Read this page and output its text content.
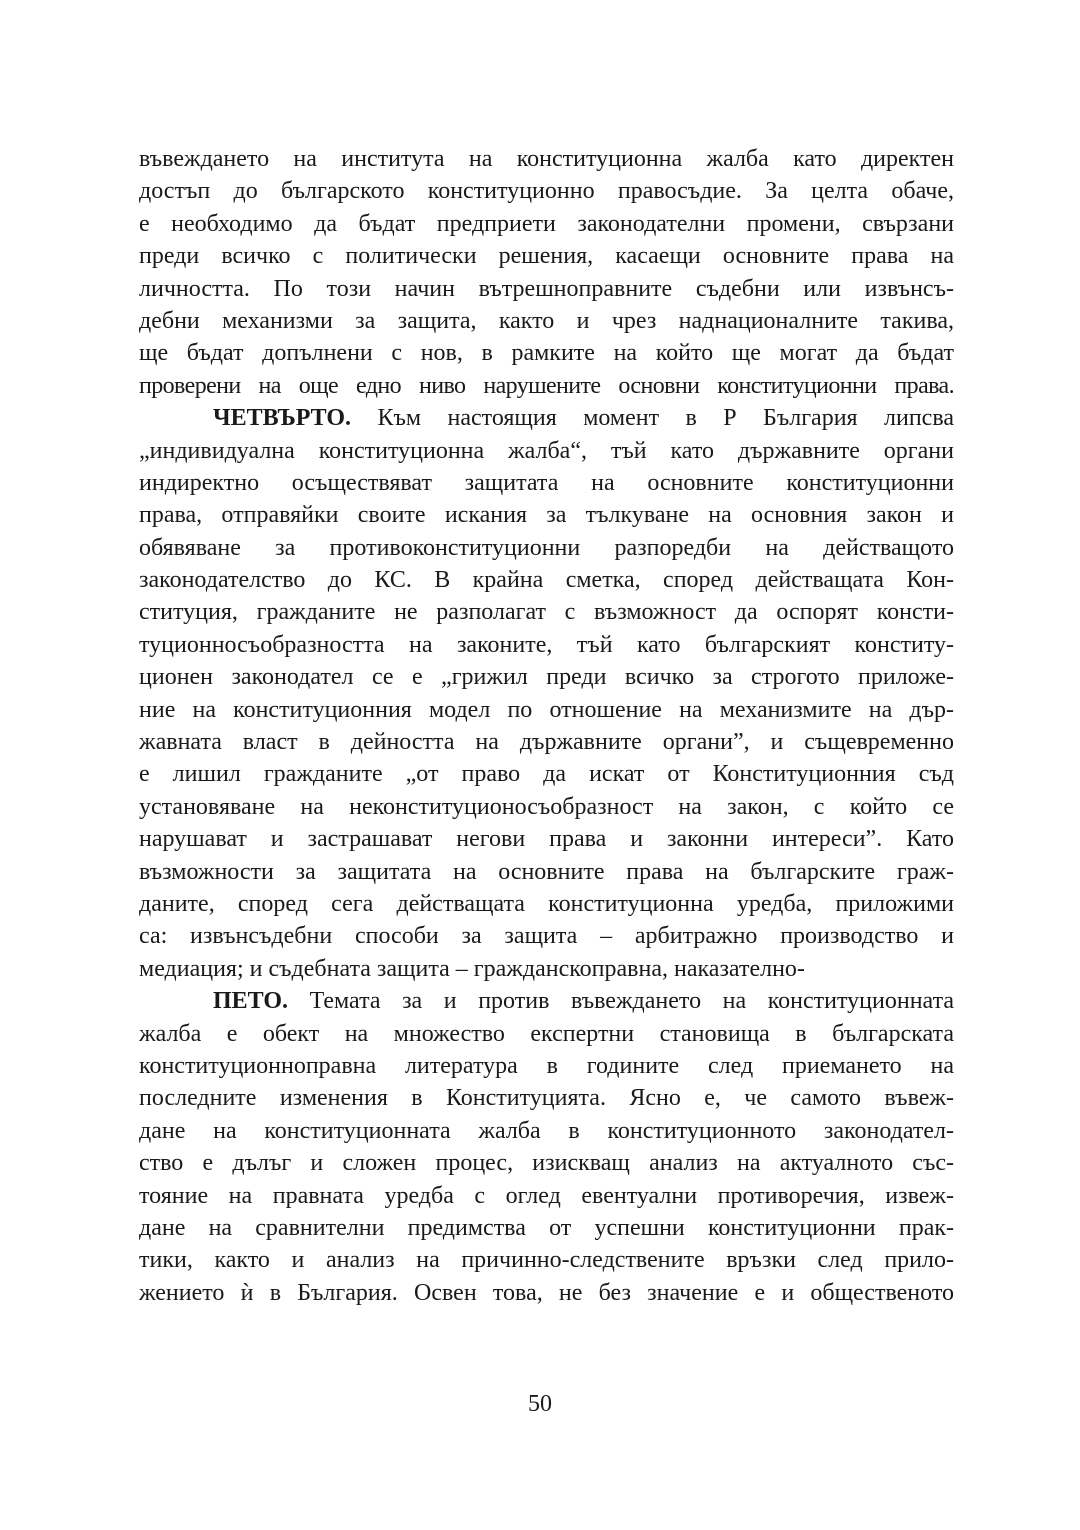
въвеждането на института на конституционна жалба като директен
достъп до българското конституционно правосъдие. За целта обаче,
е необходимо да бъдат предприети законодателни промени, свързани
преди всичко с политически решения, касаещи основните права на
личността. По този начин вътрешноправните съдебни или извънсъ-
дебни механизми за защита, както и чрез наднационалните такива,
ще бъдат допълнени с нов, в рамките на който ще могат да бъдат
проверени на още едно ниво нарушените основни конституционни права.
ЧЕТВЪРТО. Към настоящия момент в Р България липсва
„индивидуална конституционна жалба“, тъй като държавните органи
индиректно осъществяват защитата на основните конституционни
права, отправяйки своите искания за тълкуване на основния закон и
обявяване за противоконституционни разпоредби на действащото
законодателство до КС. В крайна сметка, според действащата Кон-
ституция, гражданите не разполагат с възможност да оспорят консти-
туционносъобразността на законите, тъй като българският конститу-
ционен законодател се е „грижил преди всичко за строгото приложе-
ние на конституционния модел по отношение на механизмите на дър-
жавната власт в дейността на държавните органи”, и същевременно
е лишил гражданите „от право да искат от Конституционния съд
установяване на неконституционосъобразност на закон, с който се
нарушават и застрашават негови права и законни интереси”. Като
възможности за защитата на основните права на българските граж-
даните, според сега действащата конституционна уредба, приложими
са: извънсъдебни способи за защита – арбитражно производство и
медиация; и съдебната защита – гражданскоправна, наказателно-
ПЕТО. Темата за и против въвеждането на конституционната
жалба е обект на множество експертни становища в българската
конституционноправна литература в годините след приемането на
последните изменения в Конституцията. Ясно е, че самото въвеж-
дане на конституционната жалба в конституционното законодател-
ство е дълъг и сложен процес, изискващ анализ на актуалното със-
тояние на правната уредба с оглед евентуални противоречия, извеж-
дане на сравнителни предимства от успешни конституционни прак-
тики, както и анализ на причинно-следствените връзки след прило-
жението ѝ в България. Освен това, не без значение е и общественото
50
